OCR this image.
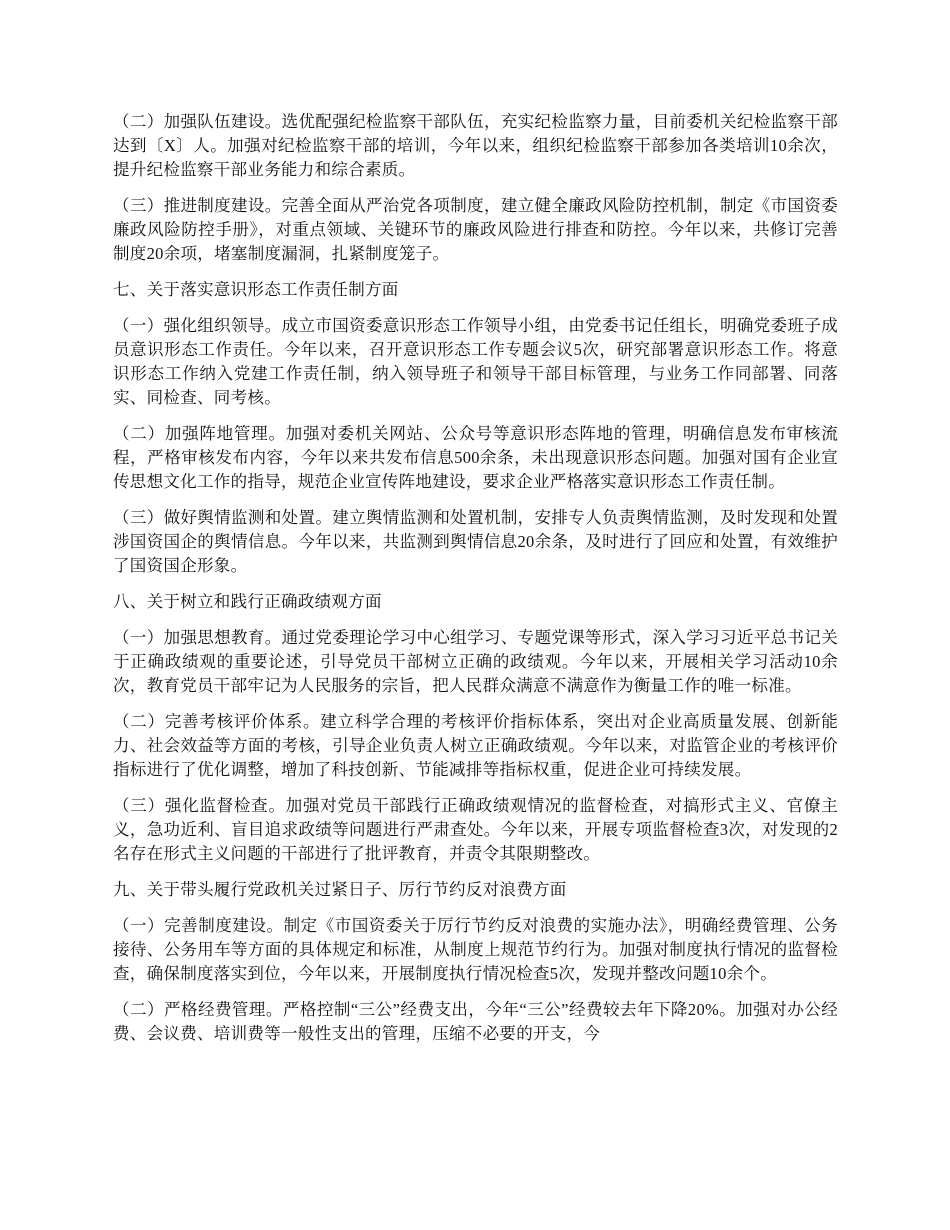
（二）加强队伍建设。选优配强纪检监察干部队伍，充实纪检监察力量，目前委机关纪检监察干部达到〔X〕人。加强对纪检监察干部的培训，今年以来，组织纪检监察干部参加各类培训10余次，提升纪检监察干部业务能力和综合素质。

（三）推进制度建设。完善全面从严治党各项制度，建立健全廉政风险防控机制，制定《市国资委廉政风险防控手册》，对重点领域、关键环节的廉政风险进行排查和防控。今年以来，共修订完善制度20余项，堵塞制度漏洞，扎紧制度笼子。

七、关于落实意识形态工作责任制方面

（一）强化组织领导。成立市国资委意识形态工作领导小组，由党委书记任组长，明确党委班子成员意识形态工作责任。今年以来，召开意识形态工作专题会议5次，研究部署意识形态工作。将意识形态工作纳入党建工作责任制，纳入领导班子和领导干部目标管理，与业务工作同部署、同落实、同检查、同考核。

（二）加强阵地管理。加强对委机关网站、公众号等意识形态阵地的管理，明确信息发布审核流程，严格审核发布内容，今年以来共发布信息500余条，未出现意识形态问题。加强对国有企业宣传思想文化工作的指导，规范企业宣传阵地建设，要求企业严格落实意识形态工作责任制。

（三）做好舆情监测和处置。建立舆情监测和处置机制，安排专人负责舆情监测，及时发现和处置涉国资国企的舆情信息。今年以来，共监测到舆情信息20余条，及时进行了回应和处置，有效维护了国资国企形象。

八、关于树立和践行正确政绩观方面

（一）加强思想教育。通过党委理论学习中心组学习、专题党课等形式，深入学习习近平总书记关于正确政绩观的重要论述，引导党员干部树立正确的政绩观。今年以来，开展相关学习活动10余次，教育党员干部牢记为人民服务的宗旨，把人民群众满意不满意作为衡量工作的唯一标准。

（二）完善考核评价体系。建立科学合理的考核评价指标体系，突出对企业高质量发展、创新能力、社会效益等方面的考核，引导企业负责人树立正确政绩观。今年以来，对监管企业的考核评价指标进行了优化调整，增加了科技创新、节能减排等指标权重，促进企业可持续发展。

（三）强化监督检查。加强对党员干部践行正确政绩观情况的监督检查，对搞形式主义、官僚主义，急功近利、盲目追求政绩等问题进行严肃查处。今年以来，开展专项监督检查3次，对发现的2名存在形式主义问题的干部进行了批评教育，并责令其限期整改。

九、关于带头履行党政机关过紧日子、厉行节约反对浪费方面

（一）完善制度建设。制定《市国资委关于厉行节约反对浪费的实施办法》，明确经费管理、公务接待、公务用车等方面的具体规定和标准，从制度上规范节约行为。加强对制度执行情况的监督检查，确保制度落实到位，今年以来，开展制度执行情况检查5次，发现并整改问题10余个。

（二）严格经费管理。严格控制“三公”经费支出，今年“三公”经费较去年下降20%。加强对办公经费、会议费、培训费等一般性支出的管理，压缩不必要的开支，今
